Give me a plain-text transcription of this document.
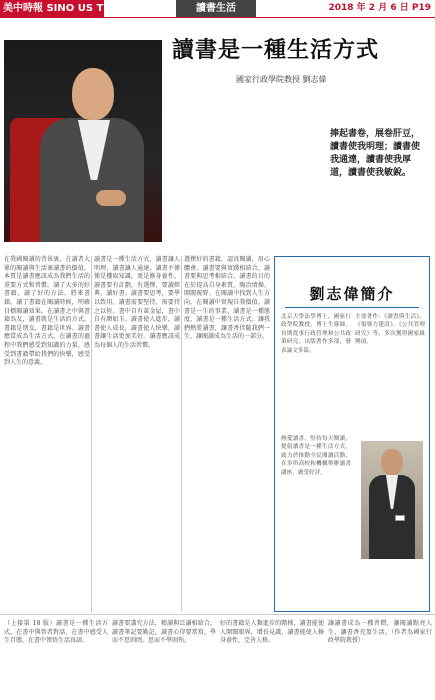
美中時報 SINO US TIMES	讀書生活	2018 年 2 月 6 日 P19
讀書是一種生活方式
國家行政學院教授 劉志偉
捧起書卷，展卷肝豆，讀書使我明理；讀書使我通達，讀書使我厚道，讀書使我敏銳。
在我國閱讀的背景裏，在讀者大眾的閱讀與生活裏讀書的價值，本質是讀書應該成為我們生活的重要方式和習慣。讀了大多的好書籍，讀了好的方法，將來書籍。讀了書籍在閱讀時候，明確目標閱讀效果。在讀書之中與書籍為友，讀書就是生活的方式，書籍是朋友，書籍是世界。讀書應當成為生活方式。在讀書的過程中我們感受到知識的力量，感受到書籍帶給我們的快樂，感受到人生的意義。
讀書是一種生活方式，讀書讓人明理，讀書讓人通達。讀書不僅僅是獲取知識，更是修身養性。讀書要有計劃，有選擇，要讀經典，讀好書。讀書要思考，要學以致用。讀書需要堅持，需要持之以恆。書中自有黃金屋，書中自有顏如玉。讀書使人進步，讀書使人成長，讀書使人快樂，讀書讓生活更加美好。讀書應該成為每個人的生活習慣。
選擇好的書籍，認真閱讀，用心體會。讀書要與實踐相結合，讀書要與思考相結合。讀書的目的在於提高自身素質，陶冶情操，開闊視野。在閱讀中找到人生方向，在閱讀中實現自我價值。讀書是一生的事業，讀書是一種態度，讀書是一種生活方式。讓我們熱愛讀書，讓書香伴隨我們一生，讓閱讀成為生活的一部分。
劉志偉簡介
北京大學法學博士，國家行政學院教授，博士生導師。長期從事行政管理和公共政策研究，出版著作多部，發表論文多篇。
主要著作：《讀書與生活》、《領導力建設》、《公共管理研究》等，多次獲得國家級獎項。
熱愛讀書，堅持每天閱讀，提倡讀書是一種生活方式，致力於推動全民閱讀活動，在多所高校和機構舉辦讀書講座，廣受好評。
（上接第 18 版）讀書是一種生活方式，在書中與智者對話，在書中感受人生百態，在書中領悟生活真諦。
讀書要講究方法，精讀與泛讀相結合，讀書筆記要勤記，讀書心得要常寫，學而不思則罔，思而不學則殆。
好的書籍是人類進步的階梯，讀書能使人開闊眼界，增長見識，讀書能使人修身養性，完善人格。
讓讀書成為一種習慣，讓閱讀點亮人生，讓書香充盈生活。（作者為國家行政學院教授）
